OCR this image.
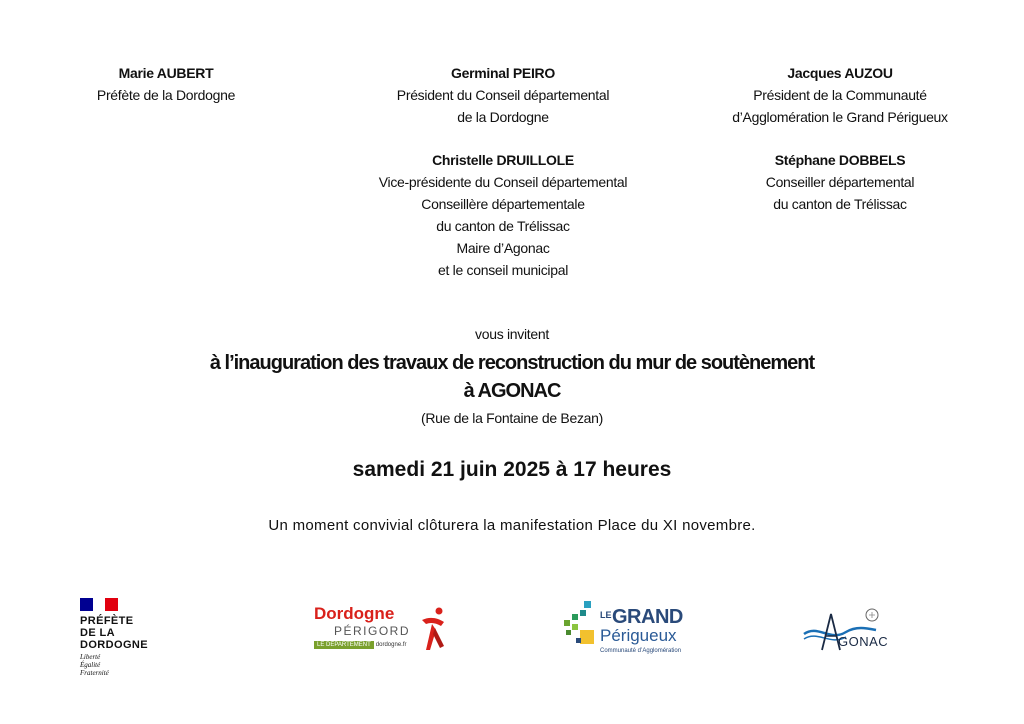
Marie AUBERT
Préfète de la Dordogne
Germinal PEIRO
Président du Conseil départemental
de la Dordogne
Jacques AUZOU
Président de la Communauté
d’Agglomération le Grand Périgueux
Christelle DRUILLOLE
Vice-présidente du Conseil départemental
Conseillère départementale
du canton de Trélissac
Maire d’Agonac
et le conseil municipal
Stéphane DOBBELS
Conseiller départemental
du canton de Trélissac
vous invitent
à l’inauguration des travaux de reconstruction du mur de soutènement
à AGONAC
(Rue de la Fontaine de Bezan)
samedi 21 juin 2025 à 17 heures
Un moment convivial clôturera la manifestation Place du XI novembre.
PRÉFÈTE
DE LA
DORDOGNE
Liberté
Égalité
Fraternité
Dordogne
PÉRIGORD
LE DÉPARTEMENT dordogne.fr
LE GRAND
Périgueux
Communauté d’Agglomération
GONAC
